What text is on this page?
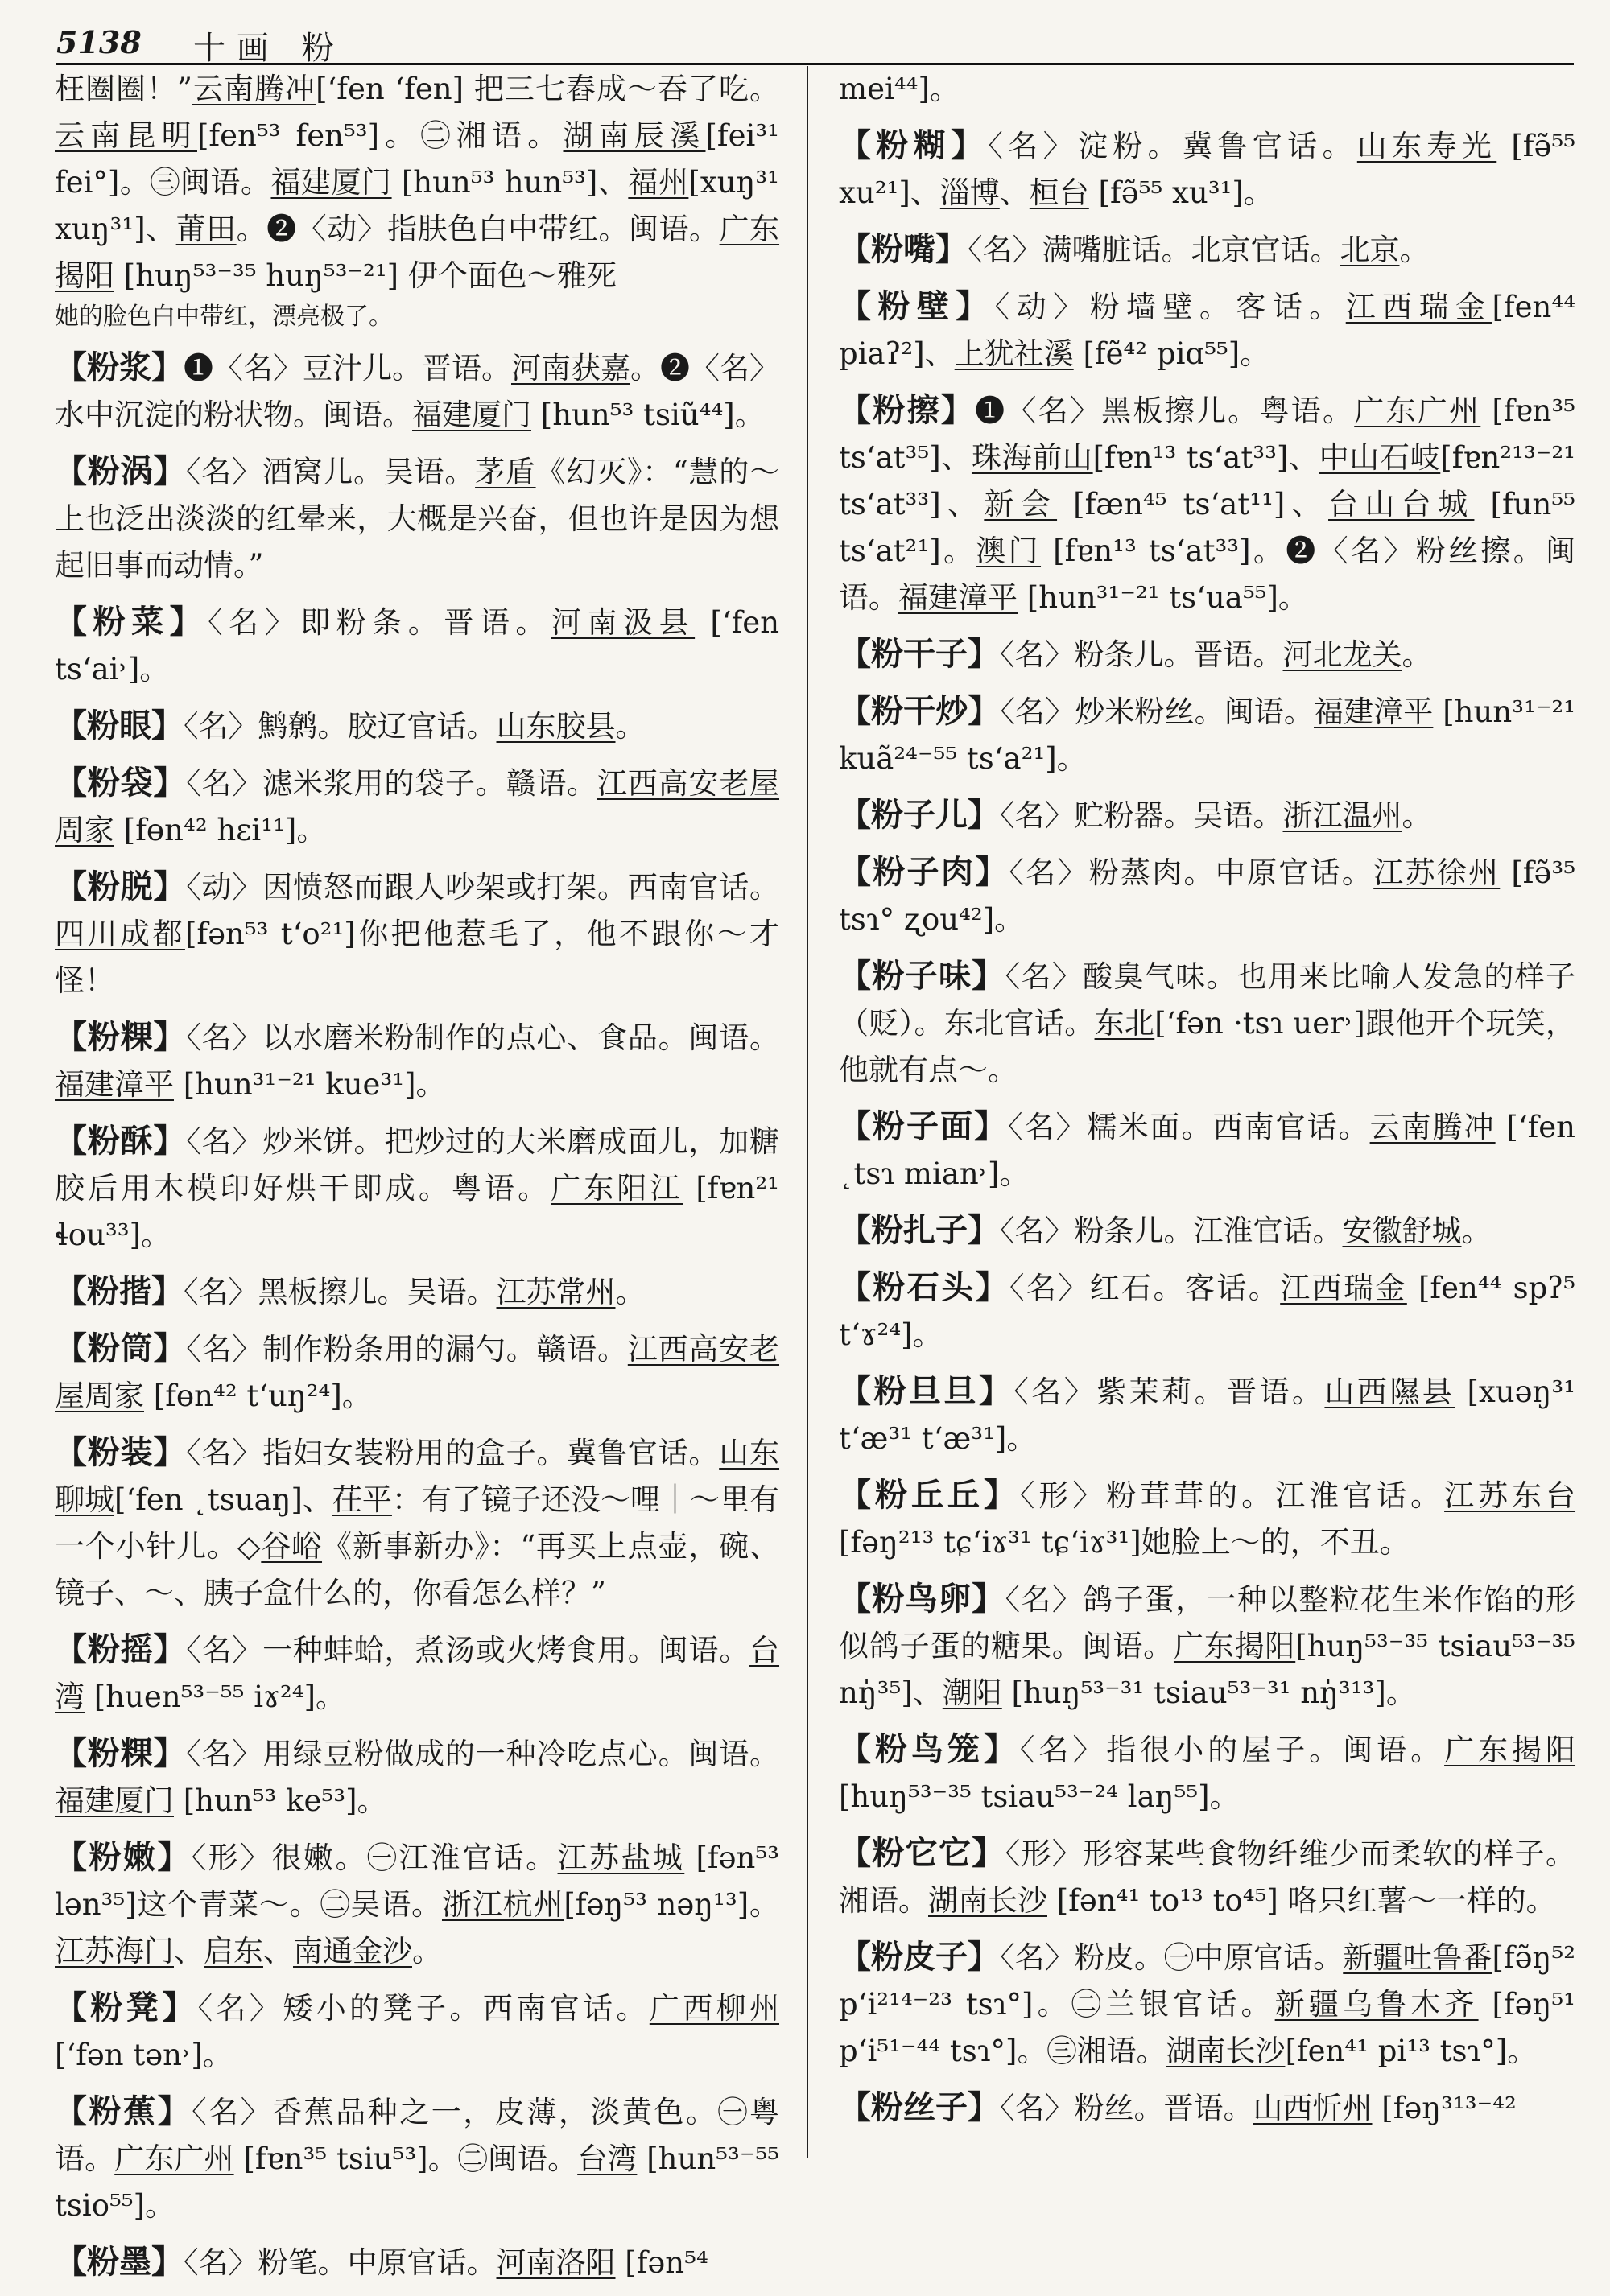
5138 十画 粉
枉圈圈！”云南腾冲[ʻfen ʻfen] 把三七舂成～吞了吃。云南昆明[fen⁵³ fen⁵³]。㊁湘语。湖南辰溪[fei³¹ fei°]。㊂闽语。福建厦门 [hun⁵³ hun⁵³]、福州[xuŋ³¹ xuŋ³¹]、莆田。❷〈动〉指肤色白中带红。闽语。广东揭阳 [huŋ⁵³⁻³⁵ huŋ⁵³⁻²¹] 伊个面色～雅死
她的脸色白中带红，漂亮极了。
【粉浆】❶〈名〉豆汁儿。晋语。河南获嘉。❷〈名〉水中沉淀的粉状物。闽语。福建厦门 [hun⁵³ tsiũ⁴⁴]。
【粉涡】〈名〉酒窝儿。吴语。茅盾《幻灭》：“慧的～上也泛出淡淡的红晕来，大概是兴奋，但也许是因为想起旧事而动情。”
【粉菜】〈名〉即粉条。晋语。河南汲县 [ʻfen tsʻai˒]。
【粉眼】〈名〉鹪鹩。胶辽官话。山东胶县。
【粉袋】〈名〉滤米浆用的袋子。赣语。江西高安老屋周家 [fɵn⁴² hɛi¹¹]。
【粉脱】〈动〉因愤怒而跟人吵架或打架。西南官话。四川成都[fən⁵³ tʻo²¹]你把他惹毛了，他不跟你～才怪！
【粉粿】〈名〉以水磨米粉制作的点心、食品。闽语。福建漳平 [hun³¹⁻²¹ kue³¹]。
【粉酥】〈名〉炒米饼。把炒过的大米磨成面儿，加糖胶后用木模印好烘干即成。粤语。广东阳江 [fɐn²¹ ɬou³³]。
【粉揩】〈名〉黑板擦儿。吴语。江苏常州。
【粉筒】〈名〉制作粉条用的漏勺。赣语。江西高安老屋周家 [fɵn⁴² tʻuŋ²⁴]。
【粉装】〈名〉指妇女装粉用的盒子。冀鲁官话。山东聊城[ʻfen ˛tsuaŋ]、茌平：有了镜子还没～哩｜～里有一个小针儿。◇谷峪《新事新办》：“再买上点壶，碗、镜子、～、胰子盒什么的，你看怎么样？”
【粉摇】〈名〉一种蚌蛤，煮汤或火烤食用。闽语。台湾 [huen⁵³⁻⁵⁵ iɤ²⁴]。
【粉粿】〈名〉用绿豆粉做成的一种冷吃点心。闽语。福建厦门 [hun⁵³ ke⁵³]。
【粉嫩】〈形〉很嫩。㊀江淮官话。江苏盐城 [fən⁵³ lən³⁵]这个青菜～。㊁吴语。浙江杭州[fəŋ⁵³ nəŋ¹³]。江苏海门、启东、南通金沙。
【粉凳】〈名〉矮小的凳子。西南官话。广西柳州 [ʻfən tən˒]。
【粉蕉】〈名〉香蕉品种之一，皮薄，淡黄色。㊀粤语。广东广州 [fɐn³⁵ tsiu⁵³]。㊁闽语。台湾 [hun⁵³⁻⁵⁵ tsio⁵⁵]。
【粉墨】〈名〉粉笔。中原官话。河南洛阳 [fən⁵⁴
mei⁴⁴]。
【粉糊】〈名〉淀粉。冀鲁官话。山东寿光 [fə̃⁵⁵ xu²¹]、淄博、桓台 [fə̃⁵⁵ xu³¹]。
【粉嘴】〈名〉满嘴脏话。北京官话。北京。
【粉壁】〈动〉粉墙壁。客话。江西瑞金[fen⁴⁴ piaʔ²]、上犹社溪 [fẽ⁴² piɑ⁵⁵]。
【粉擦】❶〈名〉黑板擦儿。粤语。广东广州 [fɐn³⁵ tsʻat³⁵]、珠海前山[fɐn¹³ tsʻat³³]、中山石岐[fɐn²¹³⁻²¹ tsʻat³³]、新会 [fæn⁴⁵ tsʻat¹¹]、台山台城 [fun⁵⁵ tsʻat²¹]。澳门 [fɐn¹³ tsʻat³³]。❷〈名〉粉丝擦。闽语。福建漳平 [hun³¹⁻²¹ tsʻua⁵⁵]。
【粉干子】〈名〉粉条儿。晋语。河北龙关。
【粉干炒】〈名〉炒米粉丝。闽语。福建漳平 [hun³¹⁻²¹ kuã²⁴⁻⁵⁵ tsʻa²¹]。
【粉子儿】〈名〉贮粉器。吴语。浙江温州。
【粉子肉】〈名〉粉蒸肉。中原官话。江苏徐州 [fə̃³⁵ tsɿ° ʐou⁴²]。
【粉子味】〈名〉酸臭气味。也用来比喻人发急的样子（贬）。东北官话。东北[ʻfən ·tsɿ uer˒]跟他开个玩笑，他就有点～。
【粉子面】〈名〉糯米面。西南官话。云南腾冲 [ʻfen ˛tsɿ mian˒]。
【粉扎子】〈名〉粉条儿。江淮官话。安徽舒城。
【粉石头】〈名〉红石。客话。江西瑞金 [fen⁴⁴ spʔ⁵ tʻɤ²⁴]。
【粉旦旦】〈名〉紫茉莉。晋语。山西隰县 [xuəŋ³¹ tʻæ³¹ tʻæ³¹]。
【粉丘丘】〈形〉粉茸茸的。江淮官话。江苏东台[fəŋ²¹³ tɕʻiɤ³¹ tɕʻiɤ³¹]她脸上～的，不丑。
【粉鸟卵】〈名〉鸽子蛋，一种以整粒花生米作馅的形似鸽子蛋的糖果。闽语。广东揭阳[huŋ⁵³⁻³⁵ tsiau⁵³⁻³⁵ nŋ̍³⁵]、潮阳 [huŋ⁵³⁻³¹ tsiau⁵³⁻³¹ nŋ̍³¹³]。
【粉鸟笼】〈名〉指很小的屋子。闽语。广东揭阳 [huŋ⁵³⁻³⁵ tsiau⁵³⁻²⁴ laŋ⁵⁵]。
【粉它它】〈形〉形容某些食物纤维少而柔软的样子。湘语。湖南长沙 [fən⁴¹ to¹³ to⁴⁵] 咯只红薯～一样的。
【粉皮子】〈名〉粉皮。㊀中原官话。新疆吐鲁番[fə̃ŋ⁵² pʻi²¹⁴⁻²³ tsɿ°]。㊁兰银官话。新疆乌鲁木齐 [fəŋ⁵¹ pʻi⁵¹⁻⁴⁴ tsɿ°]。㊂湘语。湖南长沙[fen⁴¹ pi¹³ tsɿ°]。
【粉丝子】〈名〉粉丝。晋语。山西忻州 [fəŋ³¹³⁻⁴²
